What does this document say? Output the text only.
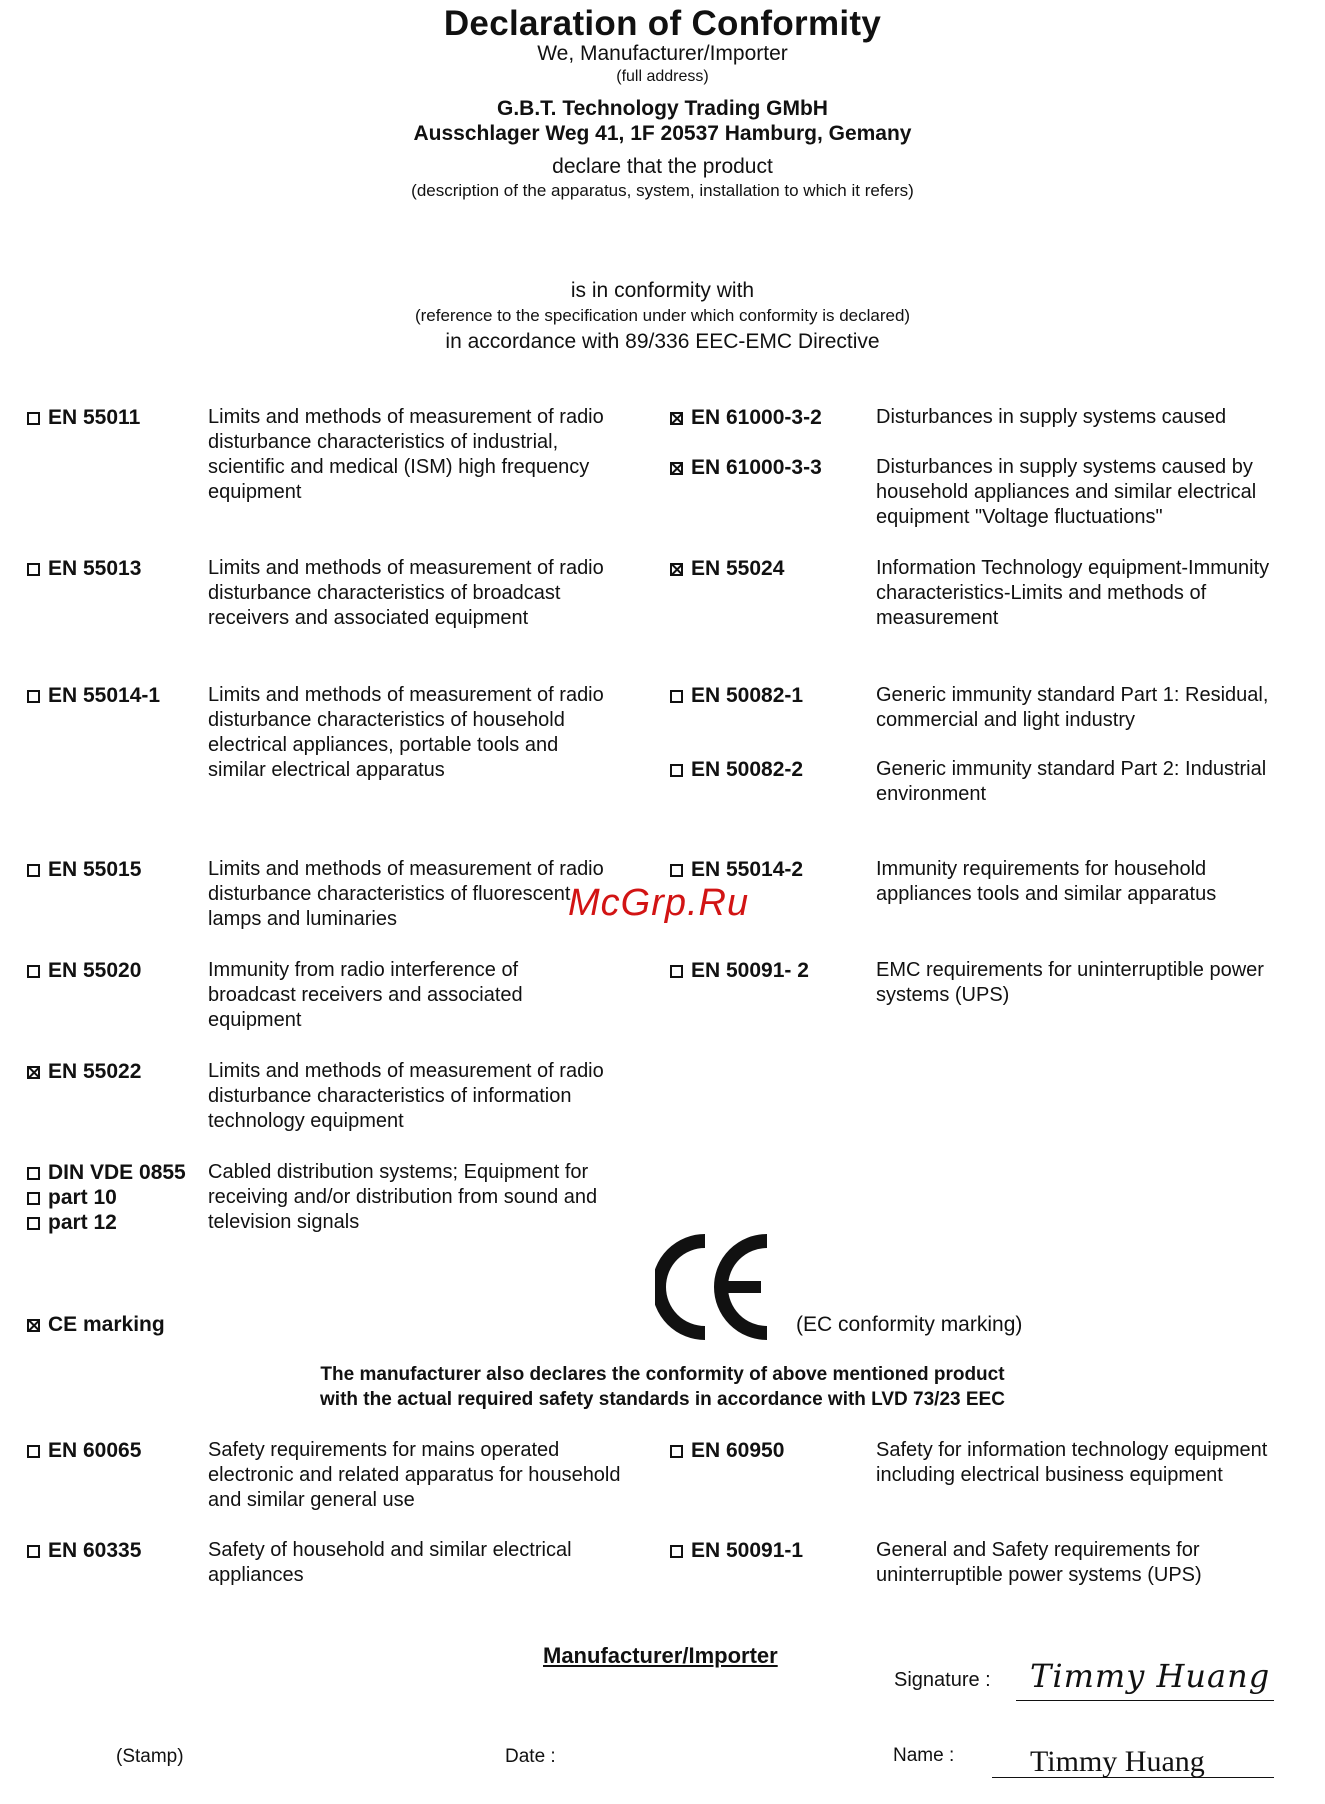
Declaration of Conformity
We, Manufacturer/Importer
(full address)
G.B.T. Technology Trading GMbH
Ausschlager Weg 41, 1F 20537 Hamburg, Gemany
declare that the product
(description of the apparatus, system, installation to which it refers)
is in conformity with
(reference to the specification under which conformity is declared)
in accordance with 89/336 EEC-EMC Directive
EN 55011	Limits and methods of measurement of radio disturbance characteristics of industrial, scientific and medical (ISM) high frequency equipment
EN 55013	Limits and methods of measurement of radio disturbance characteristics of broadcast receivers and associated equipment
EN 55014-1 Limits and methods of measurement of radio disturbance characteristics of household electrical appliances, portable tools and similar electrical apparatus
EN 55015	Limits and methods of measurement of radio disturbance characteristics of fluorescent lamps and luminaries
EN 55020	Immunity from radio interference of broadcast receivers and associated equipment
EN 55022	Limits and methods of measurement of radio disturbance characteristics of information technology equipment
EN 61000-3-2	Disturbances in supply systems caused
EN 61000-3-3	Disturbances in supply systems caused by household appliances and similar electrical equipment "Voltage fluctuations"
EN 55024	Information Technology equipment-Immunity characteristics-Limits and methods of measurement
EN 50082-1	Generic immunity standard Part 1: Residual, commercial and light industry
EN 50082-2	Generic immunity standard Part 2: Industrial environment
EN 55014-2	Immunity requirements for household appliances tools and similar apparatus
EN 50091- 2	EMC requirements for uninterruptible power systems (UPS)
McGrp.Ru
DIN VDE 0855
part 10
part 12
Cabled distribution systems; Equipment for receiving and/or distribution from sound and television signals
CE marking	(EC conformity marking)
The manufacturer also declares the conformity of above mentioned product
with the actual required safety standards in accordance with LVD 73/23 EEC
EN 60065	Safety requirements for mains operated electronic and related apparatus for household and similar general use
EN 60335	Safety of household and similar electrical appliances
EN 60950	Safety for information technology equipment including electrical business equipment
EN 50091-1	General and Safety requirements for uninterruptible power systems (UPS)
Manufacturer/Importer
Signature : Timmy Huang
(Stamp)	Date :	Name :	Timmy Huang
